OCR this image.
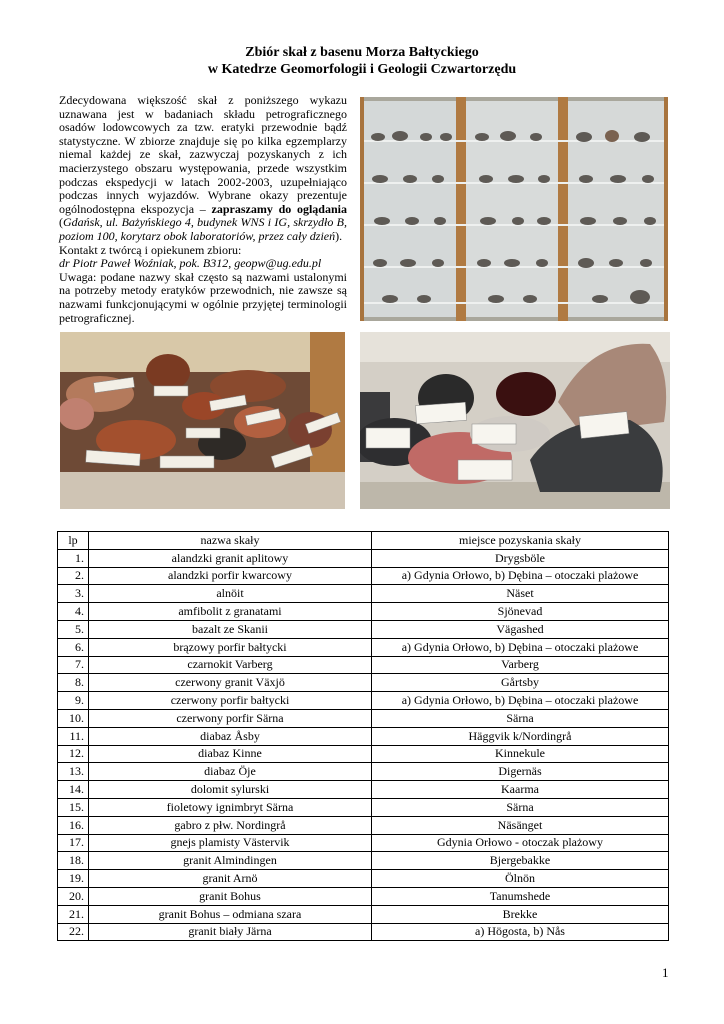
Zbiór skał z basenu Morza Bałtyckiego
w Katedrze Geomorfologii i Geologii Czwartorzędu

Zdecydowana większość skał z poniższego wykazu uznawana jest w badaniach składu petrograficznego osadów lodowcowych za tzw. eratyki przewodnie bądź statystyczne. W zbiorze znajduje się po kilka egzemplarzy niemal każdej ze skał, zazwyczaj pozyskanych z ich macierzystego obszaru występowania, przede wszystkim podczas ekspedycji w latach 2002-2003, uzupełniająco podczas innych wyjazdów. Wybrane okazy prezentuje ogólnodostępna ekspozycja – zapraszamy do oglądania (Gdańsk, ul. Bażyńskiego 4, budynek WNS i IG, skrzydło B, poziom 100, korytarz obok laboratoriów, przez cały dzień).

Kontakt z twórcą i opiekunem zbioru:

dr Piotr Paweł Woźniak, pok. B312, geopw@ug.edu.pl

Uwaga: podane nazwy skał często są nazwami ustalonymi na potrzeby metody eratyków przewodnich, nie zawsze są nazwami funkcjonującymi w ogólnie przyjętej terminologii petrograficznej.

lp	nazwa skały	miejsce pozyskania skały
1.	alandzki granit aplitowy	Drygsböle
2.	alandzki porfir kwarcowy	a) Gdynia Orłowo, b) Dębina – otoczaki plażowe
3.	alnöit	Näset
4.	amfibolit z granatami	Sjönevad
5.	bazalt ze Skanii	Vägashed
6.	brązowy porfir bałtycki	a) Gdynia Orłowo, b) Dębina – otoczaki plażowe
7.	czarnokit Varberg	Varberg
8.	czerwony granit Växjö	Gårtsby
9.	czerwony porfir bałtycki	a) Gdynia Orłowo, b) Dębina – otoczaki plażowe
10.	czerwony porfir Särna	Särna
11.	diabaz Åsby	Häggvik k/Nordingrå
12.	diabaz Kinne	Kinnekule
13.	diabaz Öje	Digernäs
14.	dolomit sylurski	Kaarma
15.	fioletowy ignimbryt Särna	Särna
16.	gabro z płw. Nordingrå	Näsänget
17.	gnejs plamisty Västervik	Gdynia Orłowo - otoczak plażowy
18.	granit Almindingen	Bjergebakke
19.	granit Arnö	Ölnön
20.	granit Bohus	Tanumshede
21.	granit Bohus – odmiana szara	Brekke
22.	granit biały Järna	a) Högosta, b) Nås
1
